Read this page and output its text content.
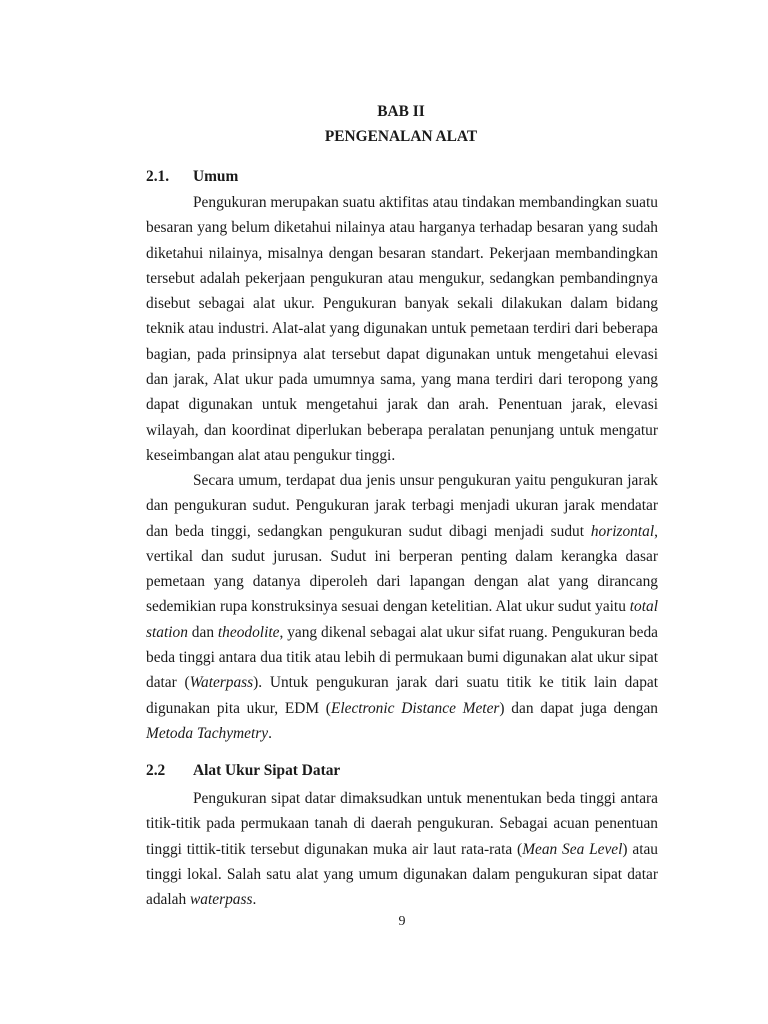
BAB II

PENGENALAN ALAT

2.1. Umum

Pengukuran merupakan suatu aktifitas atau tindakan membandingkan suatu besaran yang belum diketahui nilainya atau harganya terhadap besaran yang sudah diketahui nilainya, misalnya dengan besaran standart. Pekerjaan membandingkan tersebut adalah pekerjaan pengukuran atau mengukur, sedangkan pembandingnya disebut sebagai alat ukur. Pengukuran banyak sekali dilakukan dalam bidang teknik atau industri. Alat-alat yang digunakan untuk pemetaan terdiri dari beberapa bagian, pada prinsipnya alat tersebut dapat digunakan untuk mengetahui elevasi dan jarak, Alat ukur pada umumnya sama, yang mana terdiri dari teropong yang dapat digunakan untuk mengetahui jarak dan arah. Penentuan jarak, elevasi wilayah, dan koordinat diperlukan beberapa peralatan penunjang untuk mengatur keseimbangan alat atau pengukur tinggi.

Secara umum, terdapat dua jenis unsur pengukuran yaitu pengukuran jarak dan pengukuran sudut. Pengukuran jarak terbagi menjadi ukuran jarak mendatar dan beda tinggi, sedangkan pengukuran sudut dibagi menjadi sudut horizontal, vertikal dan sudut jurusan. Sudut ini berperan penting dalam kerangka dasar pemetaan yang datanya diperoleh dari lapangan dengan alat yang dirancang sedemikian rupa konstruksinya sesuai dengan ketelitian. Alat ukur sudut yaitu total station dan theodolite, yang dikenal sebagai alat ukur sifat ruang. Pengukuran beda beda tinggi antara dua titik atau lebih di permukaan bumi digunakan alat ukur sipat datar (Waterpass). Untuk pengukuran jarak dari suatu titik ke titik lain dapat digunakan pita ukur, EDM (Electronic Distance Meter) dan dapat juga dengan Metoda Tachymetry.

2.2 Alat Ukur Sipat Datar

Pengukuran sipat datar dimaksudkan untuk menentukan beda tinggi antara titik-titik pada permukaan tanah di daerah pengukuran. Sebagai acuan penentuan tinggi tittik-titik tersebut digunakan muka air laut rata-rata (Mean Sea Level) atau tinggi lokal. Salah satu alat yang umum digunakan dalam pengukuran sipat datar adalah waterpass.

9
